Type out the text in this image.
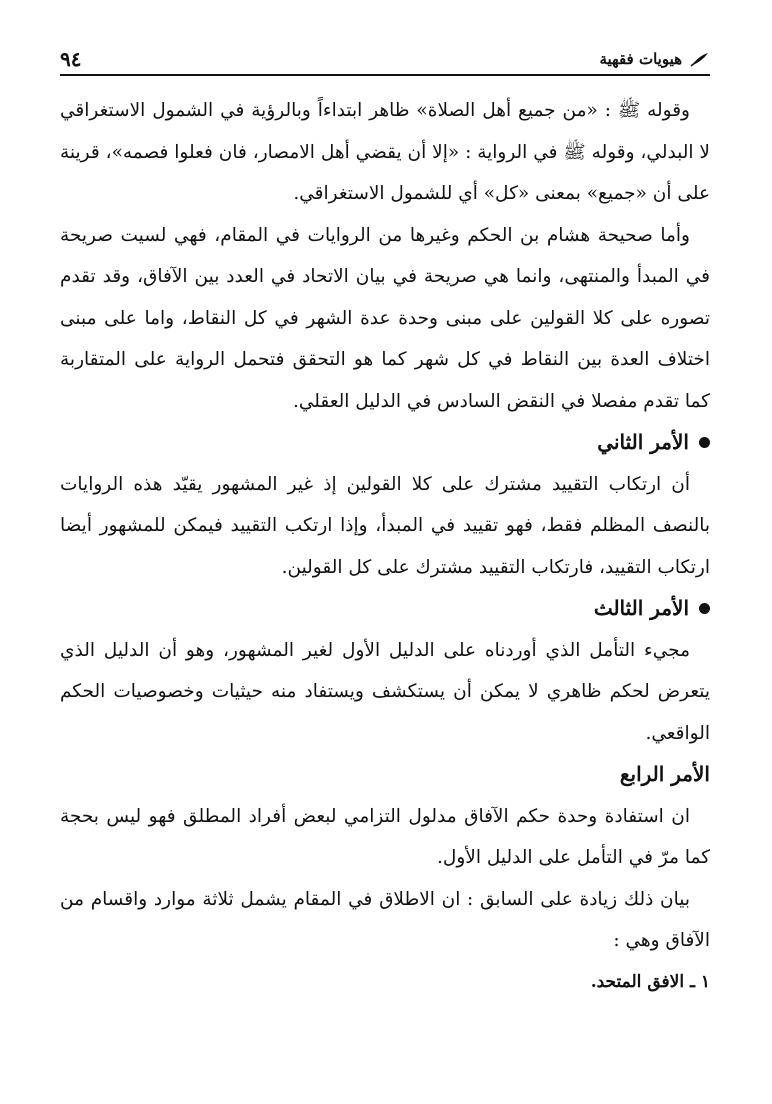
هيويات فقهية
٩٤

وقوله ﷺ : «من جميع أهل الصلاة» ظاهر ابتداءاً وبالرؤية في الشمول الاستغراقي لا البدلي، وقوله ﷺ في الرواية : «إلا أن يقضي أهل الامصار، فان فعلوا فصمه»، قرينة على أن «جميع» بمعنى «كل» أي للشمول الاستغراقي.

وأما صحيحة هشام بن الحكم وغيرها من الروايات في المقام، فهي لسيت صريحة في المبدأ والمنتهى، وانما هي صريحة في بيان الاتحاد في العدد بين الآفاق، وقد تقدم تصوره على كلا القولين على مبنى وحدة عدة الشهر في كل النقاط، واما على مبنى اختلاف العدة بين النقاط في كل شهر كما هو التحقق فتحمل الرواية على المتقاربة كما تقدم مفصلا في النقض السادس في الدليل العقلي.

الأمر الثاني

أن ارتكاب التقييد مشترك على كلا القولين إذ غير المشهور يقيّد هذه الروايات بالنصف المظلم فقط، فهو تقييد في المبدأ، وإذا ارتكب التقييد فيمكن للمشهور أيضا ارتكاب التقييد، فارتكاب التقييد مشترك على كل القولين.

الأمر الثالث

مجيء التأمل الذي أوردناه على الدليل الأول لغير المشهور، وهو أن الدليل الذي يتعرض لحكم ظاهري لا يمكن أن يستكشف ويستفاد منه حيثيات وخصوصيات الحكم الواقعي.

الأمر الرابع

ان استفادة وحدة حكم الآفاق مدلول التزامي لبعض أفراد المطلق فهو ليس بحجة كما مرّ في التأمل على الدليل الأول.

بيان ذلك زيادة على السابق : ان الاطلاق في المقام يشمل ثلاثة موارد واقسام من الآفاق وهي :

١ ـ الافق المتحد.
